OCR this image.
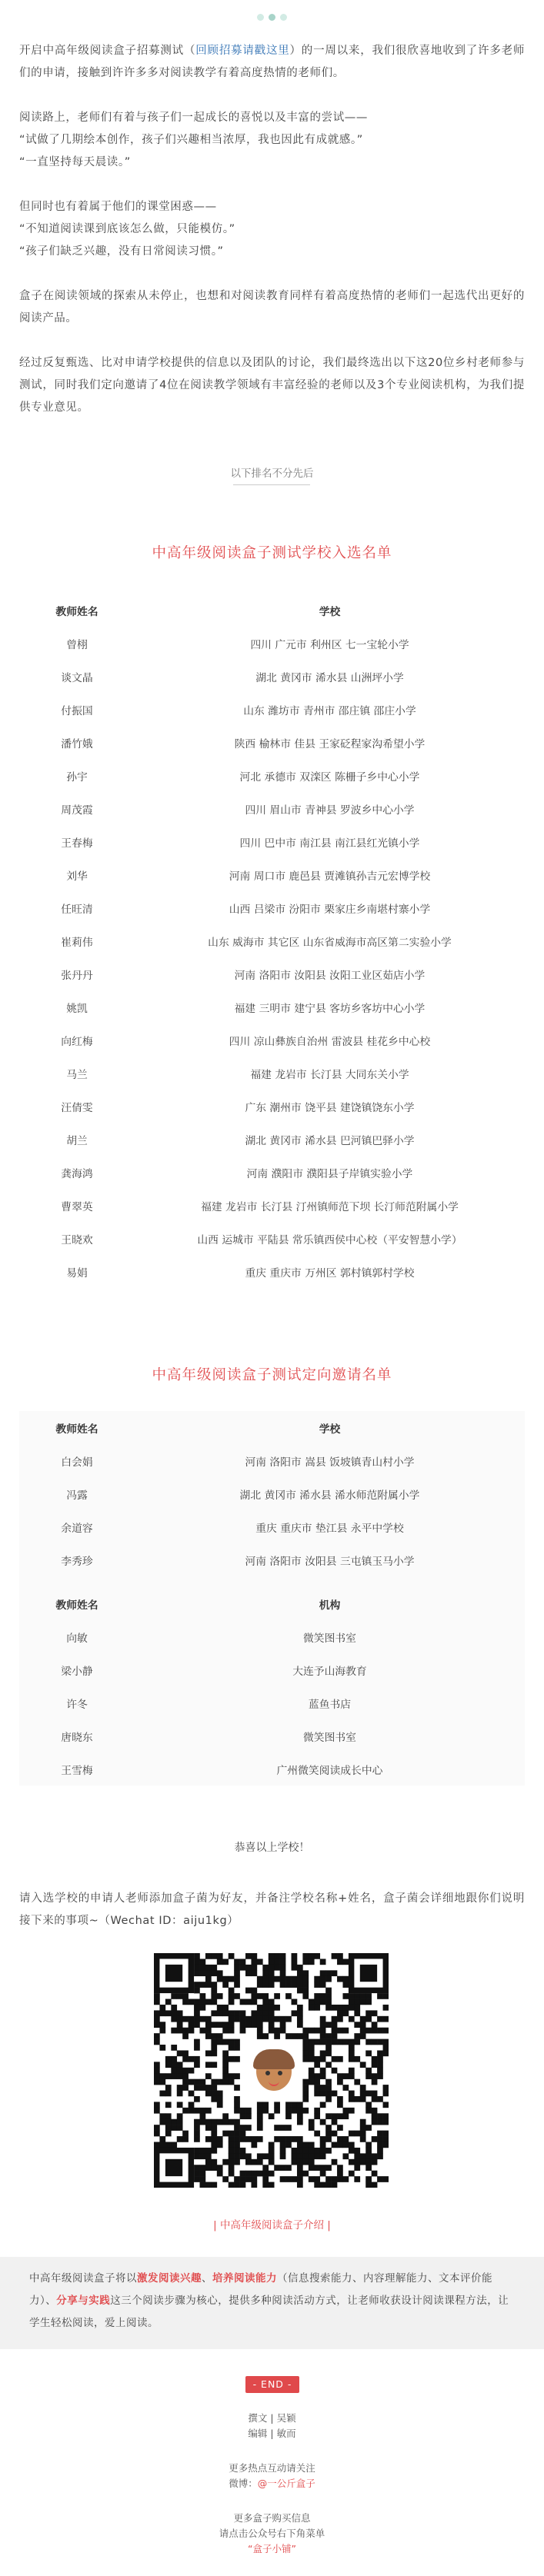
开启中高年级阅读盒子招募测试（回顾招募请戳这里）的一周以来，我们很欣喜地收到了许多老师们的申请，接触到许许多多对阅读教学有着高度热情的老师们。

阅读路上，老师们有着与孩子们一起成长的喜悦以及丰富的尝试——

“试做了几期绘本创作，孩子们兴趣相当浓厚，我也因此有成就感。”

“一直坚持每天晨读。”

但同时也有着属于他们的课堂困惑——

“不知道阅读课到底该怎么做，只能模仿。”

“孩子们缺乏兴趣，没有日常阅读习惯。”

盒子在阅读领域的探索从未停止，也想和对阅读教育同样有着高度热情的老师们一起选代出更好的阅读产品。

经过反复甄选、比对申请学校提供的信息以及团队的讨论，我们最终选出以下这20位乡村老师参与测试，同时我们定向邀请了4位在阅读教学领域有丰富经验的老师以及3个专业阅读机构，为我们提供专业意见。

以下排名不分先后
中高年级阅读盒子测试学校入选名单
教师姓名	学校
曾栩	四川 广元市 利州区 七一宝轮小学
谈文晶	湖北 黄冈市 浠水县 山洲坪小学
付振国	山东 潍坊市 青州市 邵庄镇 邵庄小学
潘竹娥	陕西 榆林市 佳县 王家砭程家沟希望小学
孙宇	河北 承德市 双滦区 陈栅子乡中心小学
周茂霞	四川 眉山市 青神县 罗波乡中心小学
王春梅	四川 巴中市 南江县 南江县红光镇小学
刘华	河南 周口市 鹿邑县 贾滩镇孙吉元宏博学校
任旺清	山西 吕梁市 汾阳市 栗家庄乡南堪村寨小学
崔莉伟	山东 威海市 其它区 山东省威海市高区第二实验小学
张丹丹	河南 洛阳市 汝阳县 汝阳工业区茹店小学
姚凯	福建 三明市 建宁县 客坊乡客坊中心小学
向红梅	四川 凉山彝族自治州 雷波县 桂花乡中心校
马兰	福建 龙岩市 长汀县 大同东关小学
汪倩雯	广东 潮州市 饶平县 建饶镇饶东小学
胡兰	湖北 黄冈市 浠水县 巴河镇巴驿小学
龚海鸿	河南 濮阳市 濮阳县子岸镇实验小学
曹翠英	福建 龙岩市 长汀县 汀州镇师范下坝 长汀师范附属小学
王晓欢	山西 运城市 平陆县 常乐镇西侯中心校（平安智慧小学）
易娟	重庆 重庆市 万州区 郭村镇郭村学校
中高年级阅读盒子测试定向邀请名单
教师姓名	学校
白会娟	河南 洛阳市 嵩县 饭坡镇青山村小学
冯露	湖北 黄冈市 浠水县 浠水师范附属小学
余道容	重庆 重庆市 垫江县 永平中学校
李秀珍	河南 洛阳市 汝阳县 三屯镇玉马小学
教师姓名	机构
向敏	微笑图书室
梁小静	大连予山海教育
许冬	蓝鱼书店
唐晓东	微笑图书室
王雪梅	广州微笑阅读成长中心
恭喜以上学校！

请入选学校的申请人老师添加盒子菌为好友，并备注学校名称+姓名，盒子菌会详细地跟你们说明接下来的事项~（Wechat ID：aiju1kg）

| 中高年级阅读盒子介绍 |

中高年级阅读盒子将以激发阅读兴趣、培养阅读能力（信息搜索能力、内容理解能力、文本评价能力）、分享与实践这三个阅读步骤为核心，提供多种阅读活动方式，让老师收获设计阅读课程方法，让学生轻松阅读，爱上阅读。

- END -
撰文 | 吴颖
编辑 | 敏而
更多热点互动请关注
微博：@一公斤盒子
更多盒子购买信息
请点击公众号右下角菜单
“盒子小铺”
